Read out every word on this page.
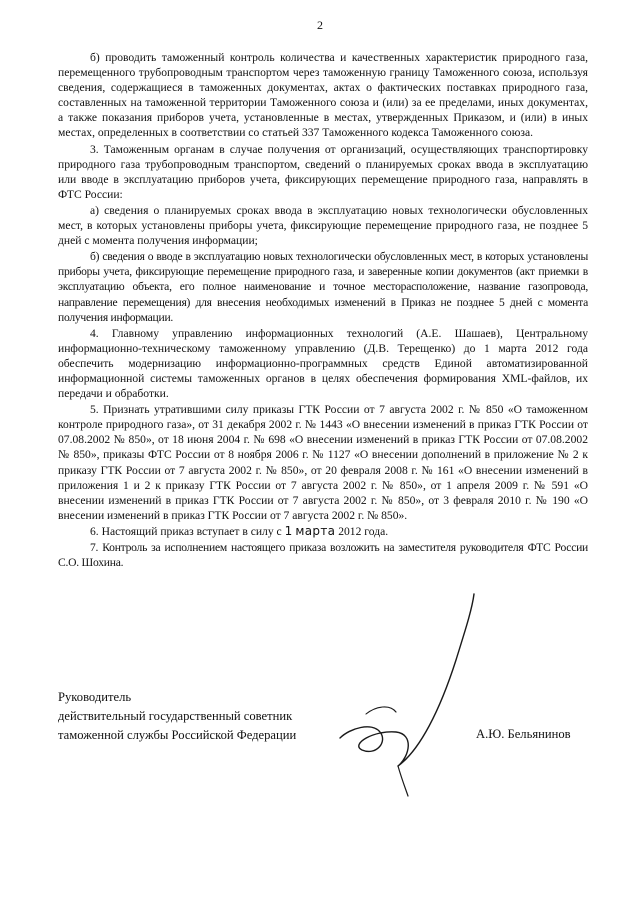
2

б) проводить таможенный контроль количества и качественных характеристик природного газа, перемещенного трубопроводным транспортом через таможенную границу Таможенного союза, используя сведения, содержащиеся в таможенных документах, актах о фактических поставках природного газа, составленных на таможенной территории Таможенного союза и (или) за ее пределами, иных документах, а также показания приборов учета, установленные в местах, утвержденных Приказом, и (или) в иных местах, определенных в соответствии со статьей 337 Таможенного кодекса Таможенного союза.

3. Таможенным органам в случае получения от организаций, осуществляющих транспортировку природного газа трубопроводным транспортом, сведений о планируемых сроках ввода в эксплуатацию или вводе в эксплуатацию приборов учета, фиксирующих перемещение природного газа, направлять в ФТС России:

а) сведения о планируемых сроках ввода в эксплуатацию новых технологически обусловленных мест, в которых установлены приборы учета, фиксирующие перемещение природного газа, не позднее 5 дней с момента получения информации;

б) сведения о вводе в эксплуатацию новых технологически обусловленных мест, в которых установлены приборы учета, фиксирующие перемещение природного газа, и заверенные копии документов (акт приемки в эксплуатацию объекта, его полное наименование и точное месторасположение, название газопровода, направление перемещения) для внесения необходимых изменений в Приказ не позднее 5 дней с момента получения информации.

4. Главному управлению информационных технологий (А.Е. Шашаев), Центральному информационно-техническому таможенному управлению (Д.В. Терещенко) до 1 марта 2012 года обеспечить модернизацию информационно-программных средств Единой автоматизированной информационной системы таможенных органов в целях обеспечения формирования XML-файлов, их передачи и обработки.

5. Признать утратившими силу приказы ГТК России от 7 августа 2002 г. № 850 «О таможенном контроле природного газа», от 31 декабря 2002 г. № 1443 «О внесении изменений в приказ ГТК России от 07.08.2002 № 850», от 18 июня 2004 г. № 698 «О внесении изменений в приказ ГТК России от 07.08.2002 № 850», приказы ФТС России от 8 ноября 2006 г. № 1127 «О внесении дополнений в приложение № 2 к приказу ГТК России от 7 августа 2002 г. № 850», от 20 февраля 2008 г. № 161 «О внесении изменений в приложения 1 и 2 к приказу ГТК России от 7 августа 2002 г. № 850», от 1 апреля 2009 г. № 591 «О внесении изменений в приказ ГТК России от 7 августа 2002 г. № 850», от 3 февраля 2010 г. № 190 «О внесении изменений в приказ ГТК России от 7 августа 2002 г. № 850».

6. Настоящий приказ вступает в силу с 1 марта 2012 года.

7. Контроль за исполнением настоящего приказа возложить на заместителя руководителя ФТС России С.О. Шохина.

Руководитель
действительный государственный советник
таможенной службы Российской Федерации	А.Ю. Бельянинов
